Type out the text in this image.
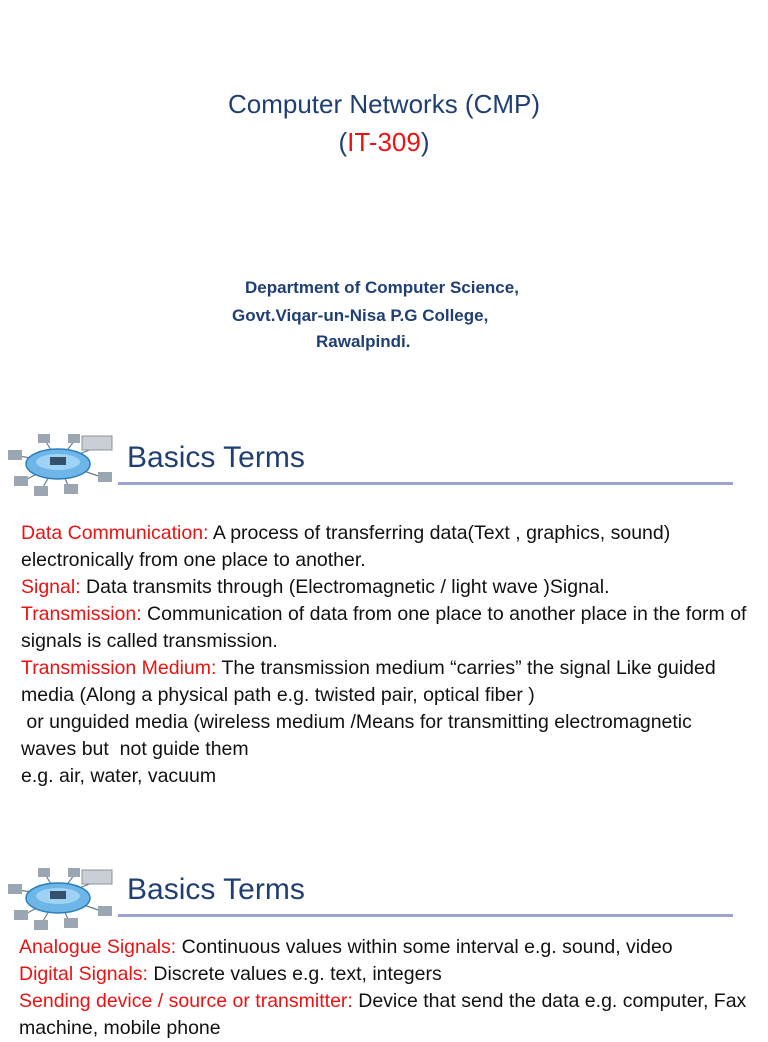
Computer Networks (CMP)
(IT-309)
Department of Computer Science,
Govt.Viqar-un-Nisa P.G College,
Rawalpindi.
Basics Terms

Data Communication: A process of transferring data(Text , graphics, sound) electronically from one place to another.

Signal: Data transmits through (Electromagnetic / light wave )Signal.

Transmission: Communication of data from one place to another place in the form of signals is called transmission.

Transmission Medium: The transmission medium “carries” the signal Like guided media (Along a physical path e.g. twisted pair, optical fiber )

or unguided media (wireless medium /Means for transmitting electromagnetic waves but  not guide them

e.g. air, water, vacuum

Basics Terms

Analogue Signals: Continuous values within some interval e.g. sound, video

Digital Signals: Discrete values e.g. text, integers

Sending device / source or transmitter: Device that send the data e.g. computer, Fax machine, mobile phone
